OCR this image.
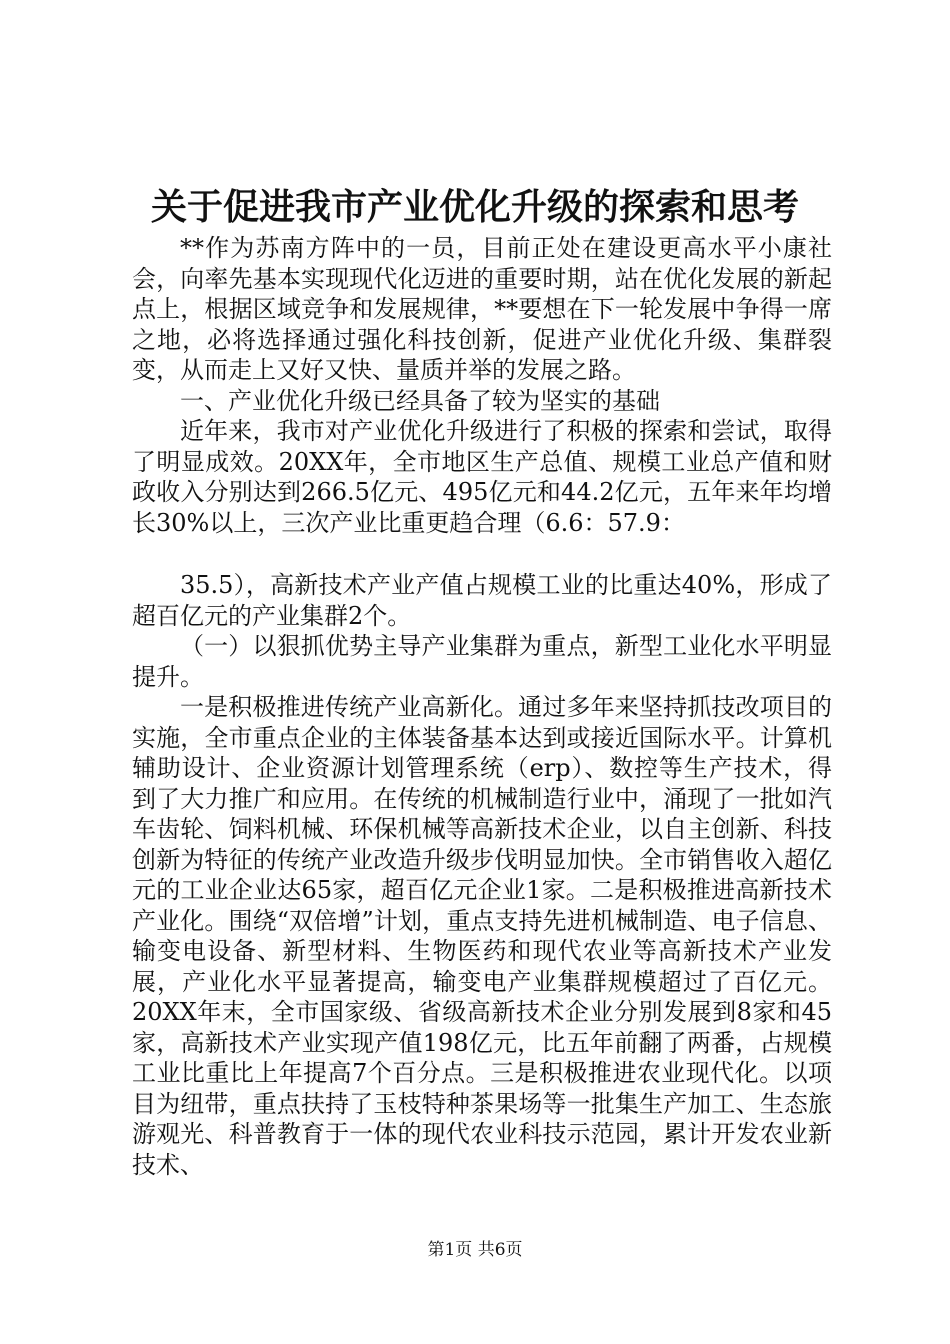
关于促进我市产业优化升级的探索和思考

**作为苏南方阵中的一员，目前正处在建设更高水平小康社会，向率先基本实现现代化迈进的重要时期，站在优化发展的新起点上，根据区域竞争和发展规律，**要想在下一轮发展中争得一席之地，必将选择通过强化科技创新，促进产业优化升级、集群裂变，从而走上又好又快、量质并举的发展之路。

一、产业优化升级已经具备了较为坚实的基础

近年来，我市对产业优化升级进行了积极的探索和尝试，取得了明显成效。20XX年，全市地区生产总值、规模工业总产值和财政收入分别达到266.5亿元、495亿元和44.2亿元，五年来年均增长30%以上，三次产业比重更趋合理（6.6：57.9：

35.5），高新技术产业产值占规模工业的比重达40%，形成了超百亿元的产业集群2个。

（一）以狠抓优势主导产业集群为重点，新型工业化水平明显提升。

一是积极推进传统产业高新化。通过多年来坚持抓技改项目的实施，全市重点企业的主体装备基本达到或接近国际水平。计算机辅助设计、企业资源计划管理系统（erp）、数控等生产技术，得到了大力推广和应用。在传统的机械制造行业中，涌现了一批如汽车齿轮、饲料机械、环保机械等高新技术企业，以自主创新、科技创新为特征的传统产业改造升级步伐明显加快。全市销售收入超亿元的工业企业达65家，超百亿元企业1家。二是积极推进高新技术产业化。围绕“双倍增”计划，重点支持先进机械制造、电子信息、输变电设备、新型材料、生物医药和现代农业等高新技术产业发展，产业化水平显著提高，输变电产业集群规模超过了百亿元。20XX年末，全市国家级、省级高新技术企业分别发展到8家和45家，高新技术产业实现产值198亿元，比五年前翻了两番，占规模工业比重比上年提高7个百分点。三是积极推进农业现代化。以项目为纽带，重点扶持了玉枝特种茶果场等一批集生产加工、生态旅游观光、科普教育于一体的现代农业科技示范园，累计开发农业新技术、

第1页 共6页
